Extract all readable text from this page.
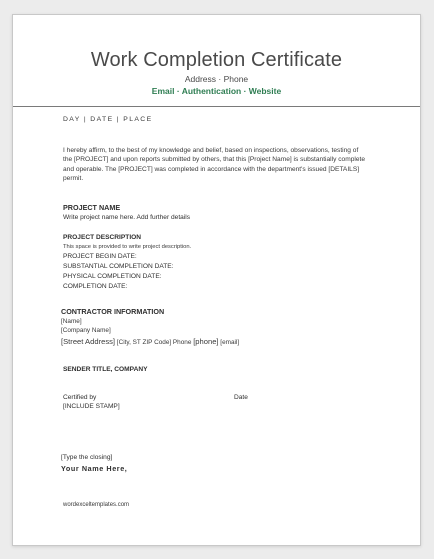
Work Completion Certificate
Address · Phone
Email · Authentication · Website
DAY | DATE | PLACE
I hereby affirm, to the best of my knowledge and belief, based on inspections, observations, testing of the [PROJECT] and upon reports submitted by others, that this [Project Name] is substantially complete and operable. The [PROJECT] was completed in accordance with the department's issued [DETAILS] permit.
PROJECT NAME
Write project name here. Add further details
PROJECT DESCRIPTION
This space is provided to write project description.
PROJECT BEGIN DATE:
SUBSTANTIAL COMPLETION DATE:
PHYSICAL COMPLETION DATE:
COMPLETION DATE:
CONTRACTOR INFORMATION
[Name]
[Company Name]
[Street Address] [City, ST ZIP Code] Phone [phone] [email]
SENDER TITLE, COMPANY
Certified by
[INCLUDE STAMP]
Date
[Type the closing]
Your Name Here,
wordexceltemplates.com
